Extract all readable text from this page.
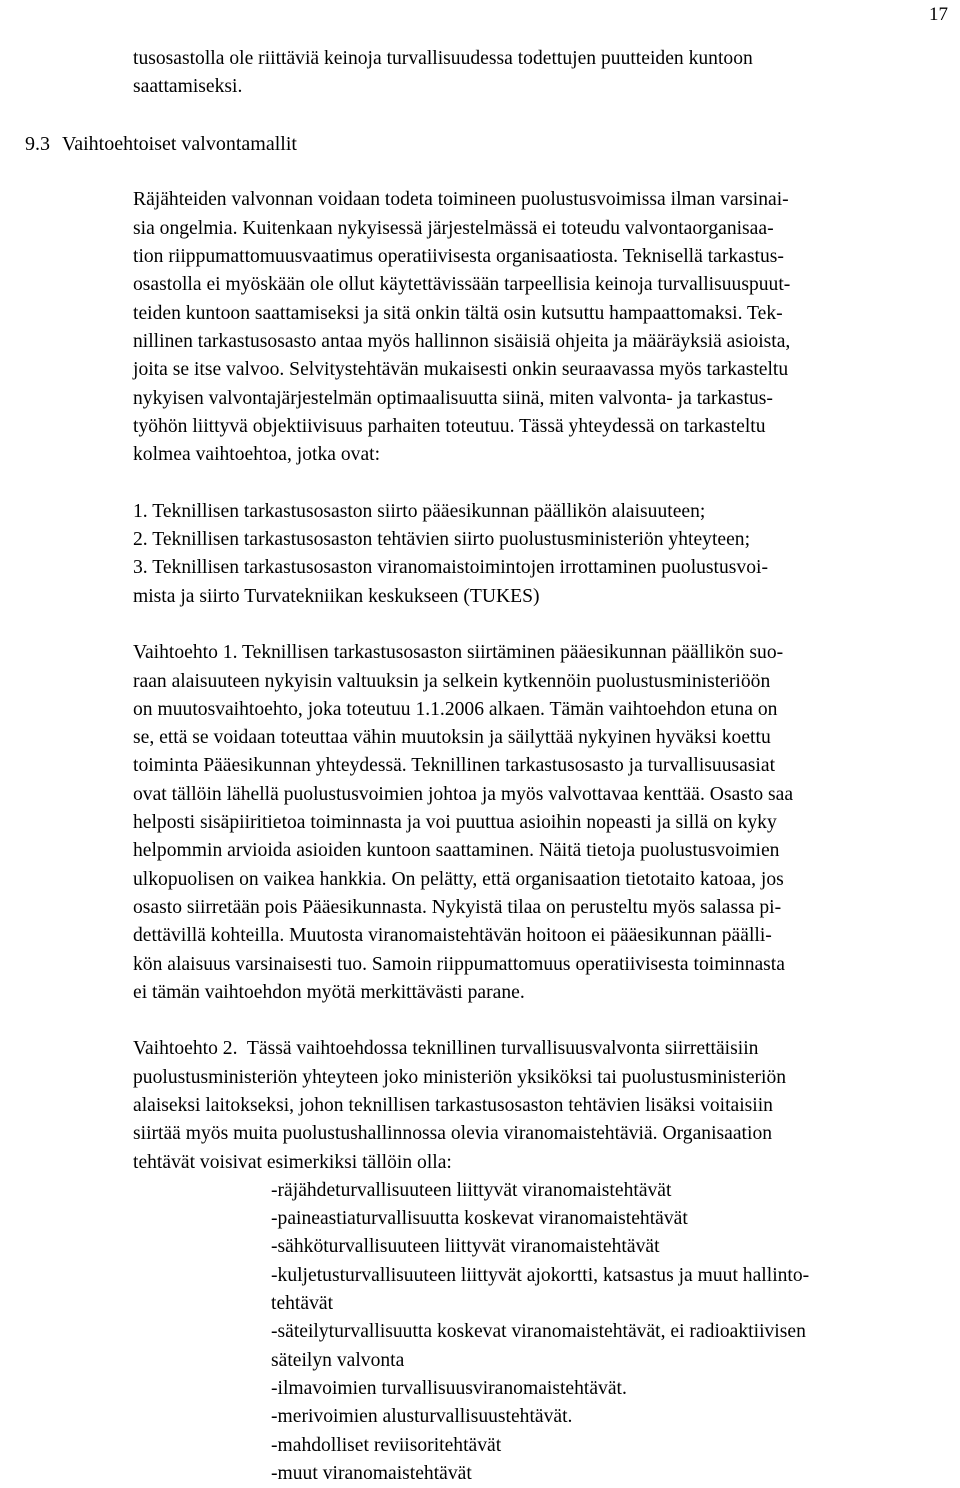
17
tusosastolla ole riittäviä keinoja turvallisuudessa todettujen puutteiden kuntoon
saattamiseksi.
9.3 Vaihtoehtoiset valvontamallit
Räjähteiden valvonnan voidaan todeta toimineen puolustusvoimissa ilman varsinai-
sia ongelmia. Kuitenkaan nykyisessä järjestelmässä ei toteudu valvontaorganisaa-
tion riippumattomuusvaatimus operatiivisesta organisaatiosta. Teknisellä tarkastus-
osastolla ei myöskään ole ollut käytettävissään tarpeellisia keinoja turvallisuuspuut-
teiden kuntoon saattamiseksi ja sitä onkin tältä osin kutsuttu hampaattomaksi. Tek-
nillinen tarkastusosasto antaa myös hallinnon sisäisiä ohjeita ja määräyksiä asioista,
joita se itse valvoo. Selvitystehtävän mukaisesti onkin seuraavassa myös tarkasteltu
nykyisen valvontajärjestelmän optimaalisuutta siinä, miten valvonta- ja tarkastus-
työhön liittyvä objektiivisuus parhaiten toteutuu. Tässä yhteydessä on tarkasteltu
kolmea vaihtoehtoa, jotka ovat:
1. Teknillisen tarkastusosaston siirto pääesikunnan päällikön alaisuuteen;
2. Teknillisen tarkastusosaston tehtävien siirto puolustusministeriön yhteyteen;
3. Teknillisen tarkastusosaston viranomaistoimintojen irrottaminen puolustusvoi-
mista ja siirto Turvatekniikan keskukseen (TUKES)
Vaihtoehto 1. Teknillisen tarkastusosaston siirtäminen pääesikunnan päällikön suo-
raan alaisuuteen nykyisin valtuuksin ja selkein kytkennöin puolustusministeriöön
on muutosvaihtoehto, joka toteutuu 1.1.2006 alkaen. Tämän vaihtoehdon etuna on
se, että se voidaan toteuttaa vähin muutoksin ja säilyttää nykyinen hyväksi koettu
toiminta Pääesikunnan yhteydessä. Teknillinen tarkastusosasto ja turvallisuusasiat
ovat tällöin lähellä puolustusvoimien johtoa ja myös valvottavaa kenttää. Osasto saa
helposti sisäpiiritietoa toiminnasta ja voi puuttua asioihin nopeasti ja sillä on kyky
helpommin arvioida asioiden kuntoon saattaminen. Näitä tietoja puolustusvoimien
ulkopuolisen on vaikea hankkia. On pelätty, että organisaation tietotaito katoaa, jos
osasto siirretään pois Pääesikunnasta. Nykyistä tilaa on perusteltu myös salassa pi-
dettävillä kohteilla. Muutosta viranomaistehtävän hoitoon ei pääesikunnan päälli-
kön alaisuus varsinaisesti tuo. Samoin riippumattomuus operatiivisesta toiminnasta
ei tämän vaihtoehdon myötä merkittävästi parane.
Vaihtoehto 2.  Tässä vaihtoehdossa teknillinen turvallisuusvalvonta siirrettäisiin
puolustusministeriön yhteyteen joko ministeriön yksiköksi tai puolustusministeriön
alaiseksi laitokseksi, johon teknillisen tarkastusosaston tehtävien lisäksi voitaisiin
siirtää myös muita puolustushallinnossa olevia viranomaistehtäviä. Organisaation
tehtävät voisivat esimerkiksi tällöin olla:
-räjähdeturvallisuuteen liittyvät viranomaistehtävät
-paineastiaturvallisuutta koskevat viranomaistehtävät
-sähköturvallisuuteen liittyvät viranomaistehtävät
-kuljetusturvallisuuteen liittyvät ajokortti, katsastus ja muut hallinto-
tehtävät
-säteilyturvallisuutta koskevat viranomaistehtävät, ei radioaktiivisen
säteilyn valvonta
-ilmavoimien turvallisuusviranomaistehtävät.
-merivoimien alusturvallisuustehtävät.
-mahdolliset reviisoritehtävät
-muut viranomaistehtävät
